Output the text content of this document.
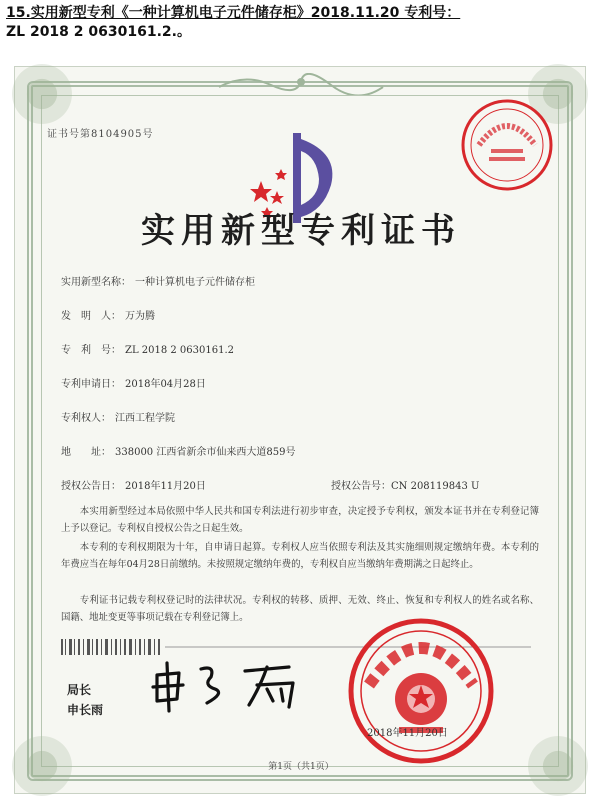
15.实用新型专利《一种计算机电子元件储存柜》2018.11.20 专利号：
ZL 2018 2 0630161.2.。
证书号第8104905号
实用新型专利证书
实用新型名称： 一种计算机电子元件储存柜
发　明　人： 万为腾
专　利　号： ZL 2018 2 0630161.2
专利申请日： 2018年04月28日
专利权人： 江西工程学院
地　　址： 338000 江西省新余市仙来西大道859号
授权公告日： 2018年11月20日	授权公告号：CN 208119843 U
本实用新型经过本局依照中华人民共和国专利法进行初步审查，决定授予专利权，颁发本证书并在专利登记簿上予以登记。专利权自授权公告之日起生效。
本专利的专利权期限为十年，自申请日起算。专利权人应当依照专利法及其实施细则规定缴纳年费。本专利的年费应当在每年04月28日前缴纳。未按照规定缴纳年费的，专利权自应当缴纳年费期满之日起终止。
专利证书记载专利权登记时的法律状况。专利权的转移、质押、无效、终止、恢复和专利权人的姓名或名称、国籍、地址变更等事项记载在专利登记簿上。
局长
申长雨
2018年11月20日
第1页（共1页）
